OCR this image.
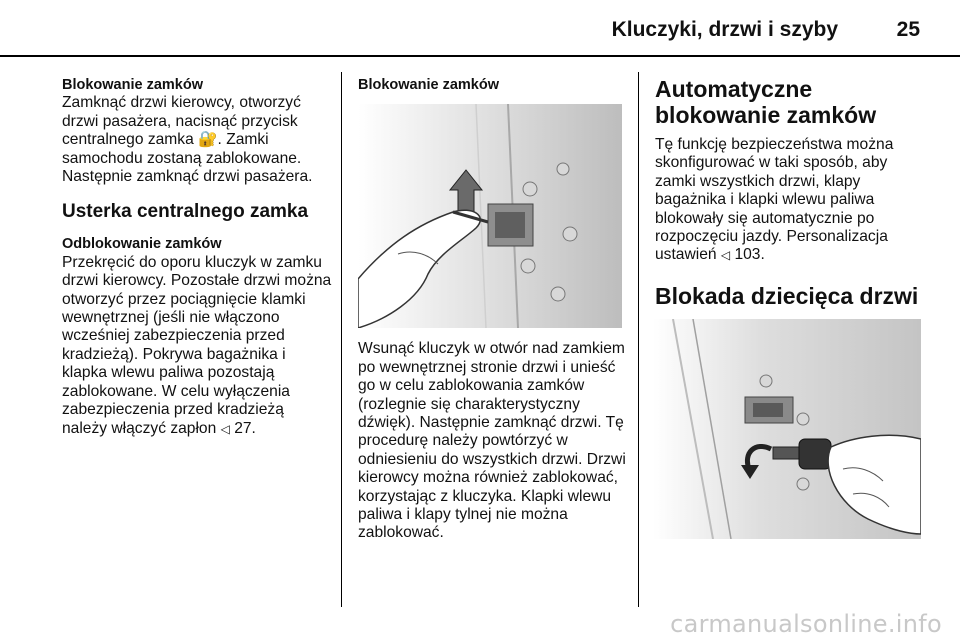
Kluczyki, drzwi i szyby	25

Blokowanie zamków

Zamknąć drzwi kierowcy, otworzyć drzwi pasażera, nacisnąć przycisk centralnego zamka 🔐. Zamki samochodu zostaną zablokowane. Następnie zamknąć drzwi pasażera.

Usterka centralnego zamka

Odblokowanie zamków

Przekręcić do oporu kluczyk w zamku drzwi kierowcy. Pozostałe drzwi można otworzyć przez pociągnięcie klamki wewnętrznej (jeśli nie włączono wcześniej zabezpieczenia przed kradzieżą). Pokrywa bagażnika i klapka wlewu paliwa pozostają zablokowane. W celu wyłączenia zabezpieczenia przed kradzieżą należy włączyć zapłon ◁ 27.

Blokowanie zamków

Wsunąć kluczyk w otwór nad zamkiem po wewnętrznej stronie drzwi i unieść go w celu zablokowania zamków (rozlegnie się charakterystyczny dźwięk). Następnie zamknąć drzwi. Tę procedurę należy powtórzyć w odniesieniu do wszystkich drzwi. Drzwi kierowcy można również zablokować, korzystając z kluczyka. Klapki wlewu paliwa i klapy tylnej nie można zablokować.

Automatyczne blokowanie zamków

Tę funkcję bezpieczeństwa można skonfigurować w taki sposób, aby zamki wszystkich drzwi, klapy bagażnika i klapki wlewu paliwa blokowały się automatycznie po rozpoczęciu jazdy. Personalizacja ustawień ◁ 103.

Blokada dziecięca drzwi

carmanualsonline.info
